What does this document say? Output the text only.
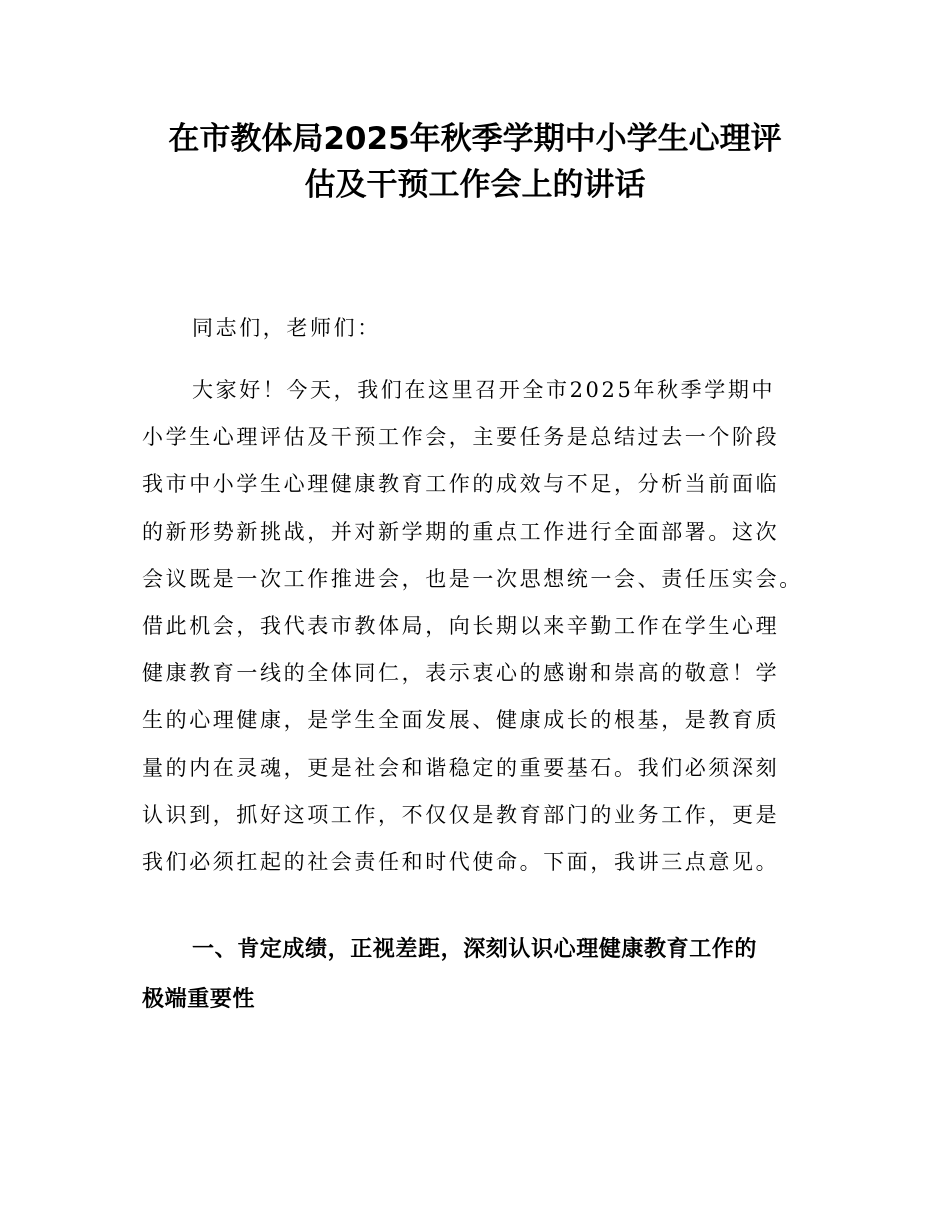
在市教体局2025年秋季学期中小学生心理评
估及干预工作会上的讲话

同志们，老师们：

大家好！今天，我们在这里召开全市2025年秋季学期中
小学生心理评估及干预工作会，主要任务是总结过去一个阶段
我市中小学生心理健康教育工作的成效与不足，分析当前面临
的新形势新挑战，并对新学期的重点工作进行全面部署。这次
会议既是一次工作推进会，也是一次思想统一会、责任压实会。
借此机会，我代表市教体局，向长期以来辛勤工作在学生心理
健康教育一线的全体同仁，表示衷心的感谢和崇高的敬意！学
生的心理健康，是学生全面发展、健康成长的根基，是教育质
量的内在灵魂，更是社会和谐稳定的重要基石。我们必须深刻
认识到，抓好这项工作，不仅仅是教育部门的业务工作，更是
我们必须扛起的社会责任和时代使命。下面，我讲三点意见。
一、肯定成绩，正视差距，深刻认识心理健康教育工作的
极端重要性
